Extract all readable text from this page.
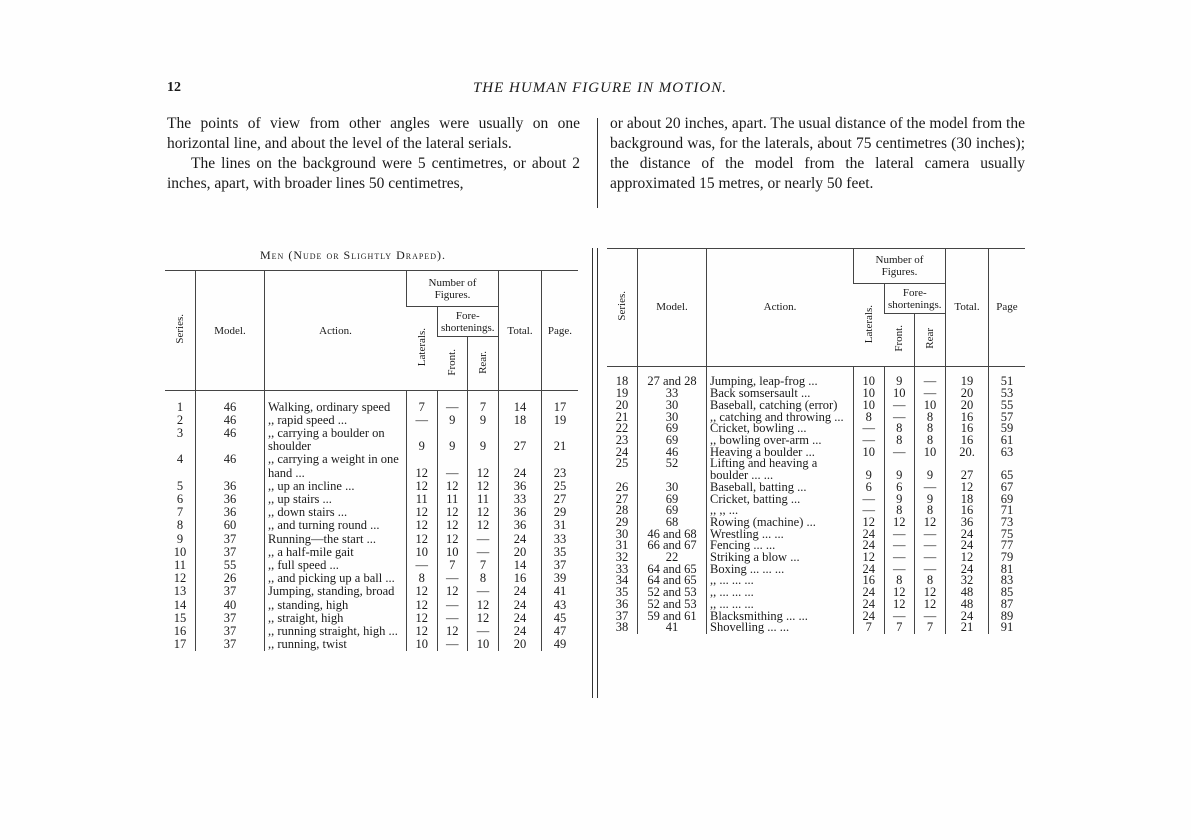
12	THE HUMAN FIGURE IN MOTION.
The points of view from other angles were usually on one horizontal line, and about the level of the lateral serials.
The lines on the background were 5 centimetres, or about 2 inches, apart, with broader lines 50 centimetres,
or about 20 inches, apart. The usual distance of the model from the background was, for the laterals, about 75 centimetres (30 inches); the distance of the model from the lateral camera usually approximated 15 metres, or nearly 50 feet.
Men (Nude or Slightly Draped).
Series.	Model.	Action.	Number of Figures.			Total.	Page.
			Laterals.	Fore-shortenings.			
				Front.	Rear.		

1	46	Walking, ordinary speed	7	—	7	14	17
2	46	,, rapid speed ...	—	9	9	18	19
3	46	,, carrying a boulder on shoulder	9	9	9	27	21
4	46	,, carrying a weight in one hand ...	12	—	12	24	23
5	36	,, up an incline ...	12	12	12	36	25
6	36	,, up stairs ...	11	11	11	33	27
7	36	,, down stairs ...	12	12	12	36	29
8	60	,, and turning round ...	12	12	12	36	31
9	37	Running—the start ...	12	12	—	24	33
10	37	,, a half-mile gait	10	10	—	20	35
11	55	,, full speed ...	—	7	7	14	37
12	26	,, and picking up a ball ...	8	—	8	16	39
13	37	Jumping, standing, broad	12	12	—	24	41
14	40	,, standing, high	12	—	12	24	43
15	37	,, straight, high	12	—	12	24	45
16	37	,, running straight, high ...	12	12	—	24	47
17	37	,, running, twist	10	—	10	20	49
Series.	Model.	Action.	Number of Figures.			Total.	Page
			Laterals.	Fore-shortenings.			
				Front.	Rear		

18	27 and 28	Jumping, leap-frog ...	10	9	—	19	51
19	33	Back somsersault ...	10	10	—	20	53
20	30	Baseball, catching (error)	10	—	10	20	55
21	30	,, catching and throwing ...	8	—	8	16	57
22	69	Cricket, bowling ...	—	8	8	16	59
23	69	,, bowling over-arm ...	—	8	8	16	61
24	46	Heaving a boulder ...	10	—	10	20.	63
25	52	Lifting and heaving a boulder ... ...	9	9	9	27	65
26	30	Baseball, batting ...	6	6	—	12	67
27	69	Cricket, batting ...	—	9	9	18	69
28	69	,, ,, ...	—	8	8	16	71
29	68	Rowing (machine) ...	12	12	12	36	73
30	46 and 68	Wrestling ... ...	24	—	—	24	75
31	66 and 67	Fencing ... ...	24	—	—	24	77
32	22	Striking a blow ...	12	—	—	12	79
33	64 and 65	Boxing ... ... ...	24	—	—	24	81
34	64 and 65	,, ... ... ...	16	8	8	32	83
35	52 and 53	,, ... ... ...	24	12	12	48	85
36	52 and 53	,, ... ... ...	24	12	12	48	87
37	59 and 61	Blacksmithing ... ...	24	—	—	24	89
38	41	Shovelling ... ...	7	7	7	21	91
